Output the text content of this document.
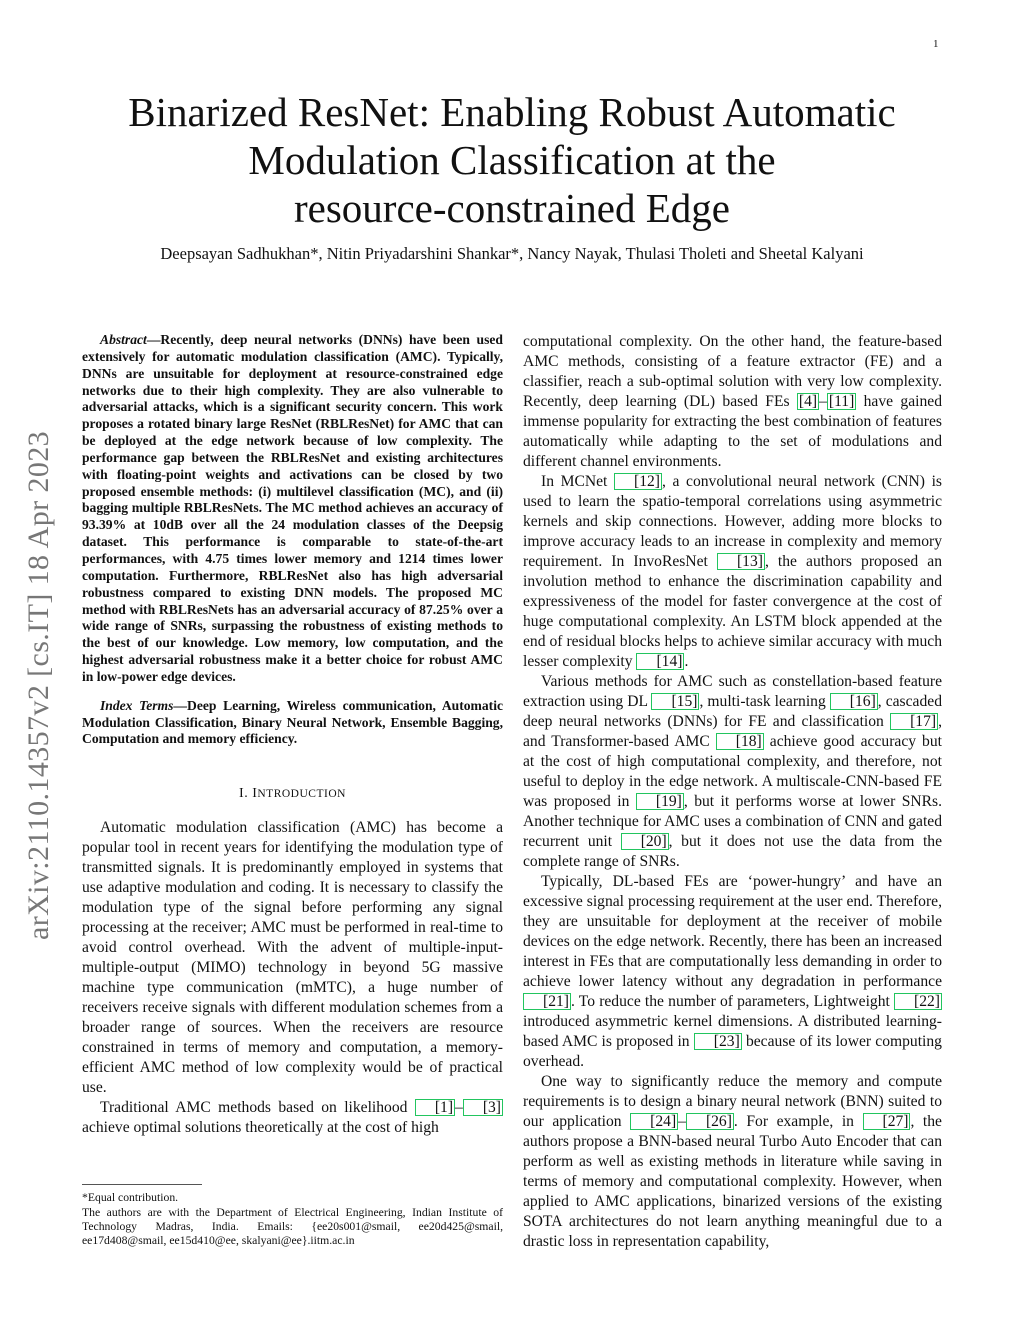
1
arXiv:2110.14357v2 [cs.IT] 18 Apr 2023
Binarized ResNet: Enabling Robust Automatic
Modulation Classification at the
resource-constrained Edge
Deepsayan Sadhukhan*, Nitin Priyadarshini Shankar*, Nancy Nayak, Thulasi Tholeti and Sheetal Kalyani

Abstract—Recently, deep neural networks (DNNs) have been used extensively for automatic modulation classification (AMC). Typically, DNNs are unsuitable for deployment at resource-constrained edge networks due to their high complexity. They are also vulnerable to adversarial attacks, which is a significant security concern. This work proposes a rotated binary large ResNet (RBLResNet) for AMC that can be deployed at the edge network because of low complexity. The performance gap between the RBLResNet and existing architectures with floating-point weights and activations can be closed by two proposed ensemble methods: (i) multilevel classification (MC), and (ii) bagging multiple RBLResNets. The MC method achieves an accuracy of 93.39% at 10dB over all the 24 modulation classes of the Deepsig dataset. This performance is comparable to state-of-the-art performances, with 4.75 times lower memory and 1214 times lower computation. Furthermore, RBLResNet also has high adversarial robustness compared to existing DNN models. The proposed MC method with RBLResNets has an adversarial accuracy of 87.25% over a wide range of SNRs, surpassing the robustness of existing methods to the best of our knowledge. Low memory, low computation, and the highest adversarial robustness make it a better choice for robust AMC in low-power edge devices.

Index Terms—Deep Learning, Wireless communication, Automatic Modulation Classification, Binary Neural Network, Ensemble Bagging, Computation and memory efficiency.

I. INTRODUCTION

Automatic modulation classification (AMC) has become a popular tool in recent years for identifying the modulation type of transmitted signals. It is predominantly employed in systems that use adaptive modulation and coding. It is necessary to classify the modulation type of the signal before performing any signal processing at the receiver; AMC must be performed in real-time to avoid control overhead. With the advent of multiple-input-multiple-output (MIMO) technology in beyond 5G massive machine type communication (mMTC), a huge number of receivers receive signals with different modulation schemes from a broader range of sources. When the receivers are resource constrained in terms of memory and computation, a memory-efficient AMC method of low complexity would be of practical use.

Traditional AMC methods based on likelihood [1] – [3] achieve optimal solutions theoretically at the cost of high

*Equal contribution.

The authors are with the Department of Electrical Engineering, Indian Institute of Technology Madras, India. Emails: {ee20s001@smail, ee20d425@smail, ee17d408@smail, ee15d410@ee, skalyani@ee}.iitm.ac.in

computational complexity. On the other hand, the feature-based AMC methods, consisting of a feature extractor (FE) and a classifier, reach a sub-optimal solution with very low complexity. Recently, deep learning (DL) based FEs [4] – [11] have gained immense popularity for extracting the best combination of features automatically while adapting to the set of modulations and different channel environments.

In MCNet [12] , a convolutional neural network (CNN) is used to learn the spatio-temporal correlations using asymmetric kernels and skip connections. However, adding more blocks to improve accuracy leads to an increase in complexity and memory requirement. In InvoResNet [13] , the authors proposed an involution method to enhance the discrimination capability and expressiveness of the model for faster convergence at the cost of huge computational complexity. An LSTM block appended at the end of residual blocks helps to achieve similar accuracy with much lesser complexity [14] .

Various methods for AMC such as constellation-based feature extraction using DL [15] , multi-task learning [16] , cascaded deep neural networks (DNNs) for FE and classification [17] , and Transformer-based AMC [18] achieve good accuracy but at the cost of high computational complexity, and therefore, not useful to deploy in the edge network. A multiscale-CNN-based FE was proposed in [19] , but it performs worse at lower SNRs. Another technique for AMC uses a combination of CNN and gated recurrent unit [20] , but it does not use the data from the complete range of SNRs.

Typically, DL-based FEs are ‘power-hungry’ and have an excessive signal processing requirement at the user end. Therefore, they are unsuitable for deployment at the receiver of mobile devices on the edge network. Recently, there has been an increased interest in FEs that are computationally less demanding in order to achieve lower latency without any degradation in performance [21] . To reduce the number of parameters, Lightweight [22] introduced asymmetric kernel dimensions. A distributed learning-based AMC is proposed in [23] because of its lower computing overhead.

One way to significantly reduce the memory and compute requirements is to design a binary neural network (BNN) suited to our application [24] – [26] . For example, in [27] , the authors propose a BNN-based neural Turbo Auto Encoder that can perform as well as existing methods in literature while saving in terms of memory and computational complexity. However, when applied to AMC applications, binarized versions of the existing SOTA architectures do not learn anything meaningful due to a drastic loss in representation capability,
